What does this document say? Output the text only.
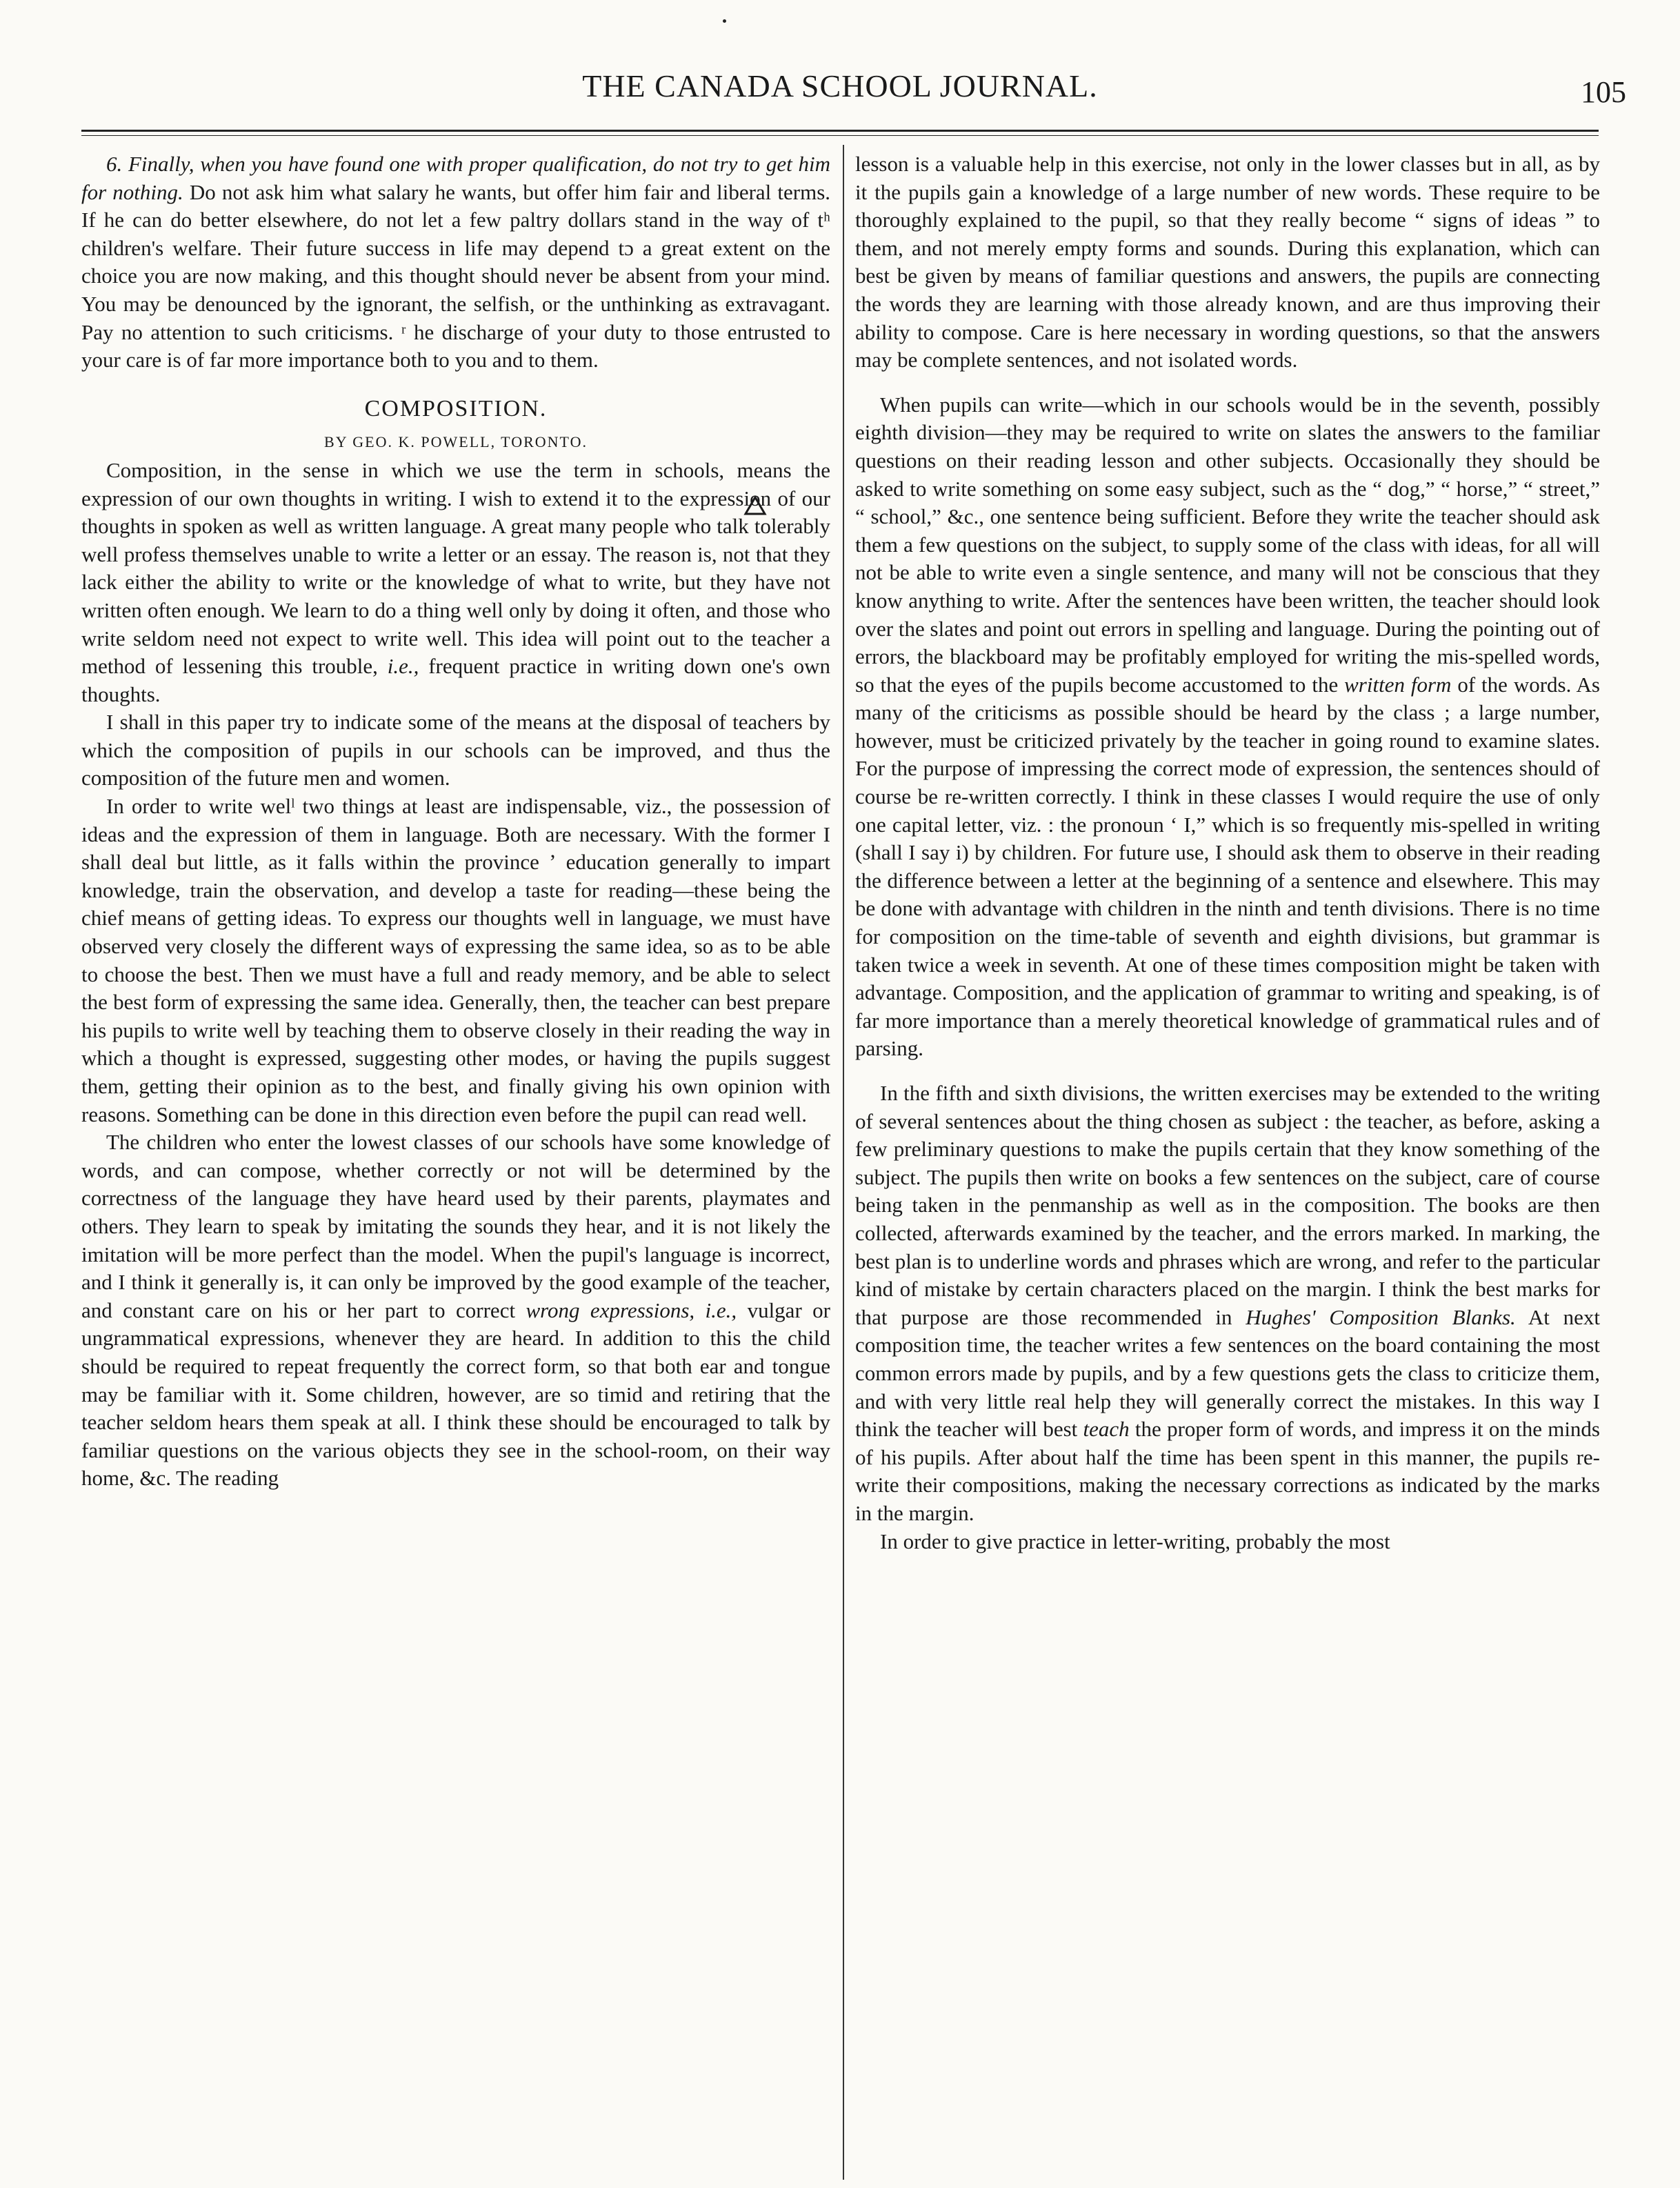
THE CANADA SCHOOL JOURNAL.	105

6. Finally, when you have found one with proper qualification, do not try to get him for nothing. Do not ask him what salary he wants, but offer him fair and liberal terms. If he can do better elsewhere, do not let a few paltry dollars stand in the way of tʰ children's welfare. Their future success in life may depend tɔ a great extent on the choice you are now making, and this thought should never be absent from your mind. You may be denounced by the ignorant, the selfish, or the unthinking as extravagant. Pay no attention to such criticisms. ʳ he discharge of your duty to those entrusted to your care is of far more importance both to you and to them.

COMPOSITION.
BY GEO. K. POWELL, TORONTO.

Composition, in the sense in which we use the term in schools, means the expression of our own thoughts in writing. I wish to extend it to the expression of our thoughts in spoken as well as written language. A great many people who talk tolerably well profess themselves unable to write a letter or an essay. The reason is, not that they lack either the ability to write or the knowledge of what to write, but they have not written often enough. We learn to do a thing well only by doing it often, and those who write seldom need not expect to write well. This idea will point out to the teacher a method of lessening this trouble, i.e., frequent practice in writing down one's own thoughts.

I shall in this paper try to indicate some of the means at the disposal of teachers by which the composition of pupils in our schools can be improved, and thus the composition of the future men and women.

In order to write welˡ two things at least are indispensable, viz., the possession of ideas and the expression of them in language. Both are necessary. With the former I shall deal but little, as it falls within the province ʼ education generally to impart knowledge, train the observation, and develop a taste for reading—these being the chief means of getting ideas. To express our thoughts well in language, we must have observed very closely the different ways of expressing the same idea, so as to be able to choose the best. Then we must have a full and ready memory, and be able to select the best form of expressing the same idea. Generally, then, the teacher can best prepare his pupils to write well by teaching them to observe closely in their reading the way in which a thought is expressed, suggesting other modes, or having the pupils suggest them, getting their opinion as to the best, and finally giving his own opinion with reasons. Something can be done in this direction even before the pupil can read well.

The children who enter the lowest сlasses of our schools have some knowledge of words, and can compose, whether correctly or not will be determined by the correctness of the language they have heard used by their parents, playmates and others. They learn to speak by imitating the sounds they hear, and it is not likely the imitation will be more perfect than the model. When the pupil's language is incorrect, and I think it generally is, it can only be improved by the good example of the teacher, and constant care on his or her part to correct wrong expressions, i.e., vulgar or ungrammatical expressions, whenever they are heard. In addition to this the child should be required to repeat frequently the correct form, so that both ear and tongue may be familiar with it. Some children, however, are so timid and retiring that the teacher seldom hears them speak at all. I think these should be encouraged to talk by familiar questions on the various objects they see in the school-room, on their way home, &c. The reading

lesson is a valuable help in this exercise, not only in the lower classes but in all, as by it the pupils gain a knowledge of a large number of new words. These require to be thoroughly explained to the pupil, so that they really become “ signs of ideas ” to them, and not merely empty forms and sounds. During this explanation, which can best be given by means of familiar questions and answers, the pupils are connecting the words they are learning with those already known, and are thus improving their ability to compose. Care is here necessary in wording questions, so that the answers may be complete sentences, and not isolated words.

When pupils can write—which in our schools would be in the seventh, possibly eighth division—they may be required to write on slates the answers to the familiar questions on their reading lesson and other subjects. Occasionally they should be asked to write something on some easy subject, such as the “ dog,” “ horse,” “ street,” “ school,” &c., one sentence being sufficient. Before they write the teacher should ask them a few questions on the subject, to supply some of the class with ideas, for all will not be able to write even a single sentence, and many will not be conscious that they know anything to write. After the sentences have been written, the teacher should look over the slates and point out errors in spelling and language. During the pointing out of errors, the blackboard may be profitably employed for writing the mis-spelled words, so that the eyes of the pupils become accustomed to the written form of the words. As many of the criticisms as possible should be heard by the class ; a large number, however, must be criticized privately by the teacher in going round to examine slates. For the purpose of impressing the correct mode of expression, the sentences should of course be re-written correctly. I think in these classes I would require the use of only one capital letter, viz. : the pronoun ‘ I,” which is so frequently mis-spelled in writing (shall I say i) by children. For future use, I should ask them to observe in their reading the difference between a letter at the beginning of a sentence and elsewhere. This may be done with advantage with children in the ninth and tenth divisions. There is no time for composition on the time-table of seventh and eighth divisions, but grammar is taken twice a week in seventh. At one of these times composition might be taken with advantage. Composition, and the application of grammar to writing and speaking, is of far more importance than a merely theoretical knowledge of grammatical rules and of parsing.

In the fifth and sixth divisions, the written exercises may be extended to the writing of several sentences about the thing chosen as subject : the teacher, as before, asking a few preliminary questions to make the pupils certain that they know something of the subject. The pupils then write on books a few sentences on the subject, care of course being taken in the penmanship as well as in the composition. The books are then collected, afterwards examined by the teacher, and the errors marked. In marking, the best plan is to underline words and phrases which are wrong, and refer to the particular kind of mistake by certain characters placed on the margin. I think the best marks for that purpose are those recommended in Hughes' Composition Blanks. At next composition time, the teacher writes a few sentences on the board containing the most common errors made by pupils, and by a few questions gets the class to criticize them, and with very little real help they will generally correct the mistakes. In this way I think the teacher will best teach the proper form of words, and impress it on the minds of his pupils. After about half the time has been spent in this manner, the pupils re-write their compositions, making the necessary corrections as indicated by the marks in the margin.

In order to give practice in letter-writing, probably the most
